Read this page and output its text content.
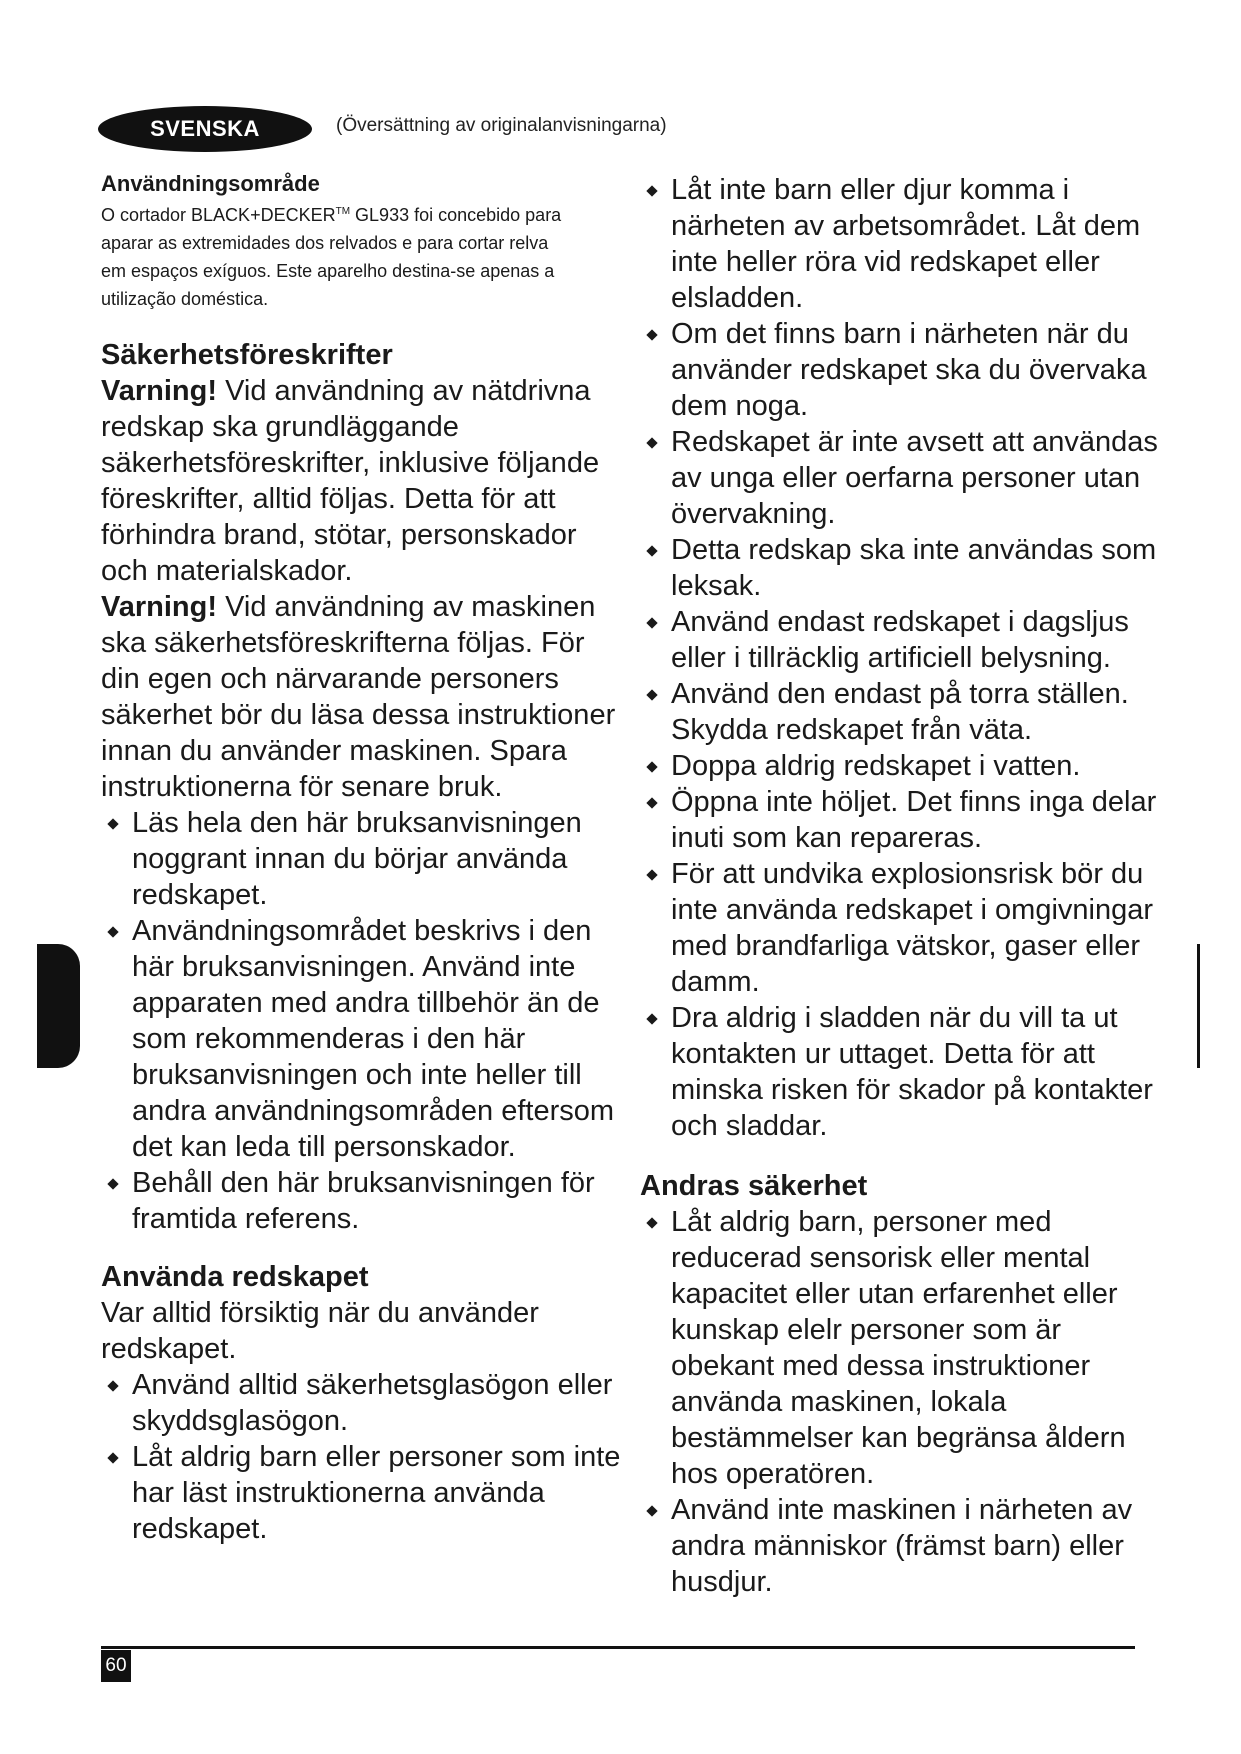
SVENSKA	(Översättning av originalanvisningarna)

Användningsområde

O cortador BLACK+DECKER™ GL933 foi concebido para
aparar as extremidades dos relvados e para cortar relva
em espaços exíguos. Este aparelho destina-se apenas a
utilização doméstica.

Säkerhetsföreskrifter

Varning! Vid användning av nätdrivna redskap ska grundläggande säkerhetsföreskrifter, inklusive följande föreskrifter, alltid följas. Detta för att förhindra brand, stötar, personskador och materialskador.

Varning! Vid användning av maskinen ska säkerhetsföreskrifterna följas. För din egen och närvarande personers säkerhet bör du läsa dessa instruktioner innan du använder maskinen. Spara instruktionerna för senare bruk.

Läs hela den här bruksanvisningen noggrant innan du börjar använda redskapet.
Användningsområdet beskrivs i den här bruksanvisningen. Använd inte apparaten med andra tillbehör än de som rekommenderas i den här bruksanvisningen och inte heller till andra användningsområden eftersom det kan leda till personskador.
Behåll den här bruksanvisningen för framtida referens.

Använda redskapet

Var alltid försiktig när du använder redskapet.

Använd alltid säkerhetsglasögon eller skyddsglasögon.
Låt aldrig barn eller personer som inte har läst instruktionerna använda redskapet.
Låt inte barn eller djur komma i närheten av arbetsområdet. Låt dem inte heller röra vid redskapet eller elsladden.
Om det finns barn i närheten när du använder redskapet ska du övervaka dem noga.
Redskapet är inte avsett att användas av unga eller oerfarna personer utan övervakning.
Detta redskap ska inte användas som leksak.
Använd endast redskapet i dagsljus eller i tillräcklig artificiell belysning.
Använd den endast på torra ställen. Skydda redskapet från väta.
Doppa aldrig redskapet i vatten.
Öppna inte höljet. Det finns inga delar inuti som kan repareras.
För att undvika explosionsrisk bör du inte använda redskapet i omgivningar med brandfarliga vätskor, gaser eller damm.
Dra aldrig i sladden när du vill ta ut kontakten ur uttaget. Detta för att minska risken för skador på kontakter och sladdar.

Andras säkerhet

Låt aldrig barn, personer med reducerad sensorisk eller mental kapacitet eller utan erfarenhet eller kunskap elelr personer som är obekant med dessa instruktioner använda maskinen, lokala bestämmelser kan begränsa åldern hos operatören.
Använd inte maskinen i närheten av andra människor (främst barn) eller husdjur.
60
